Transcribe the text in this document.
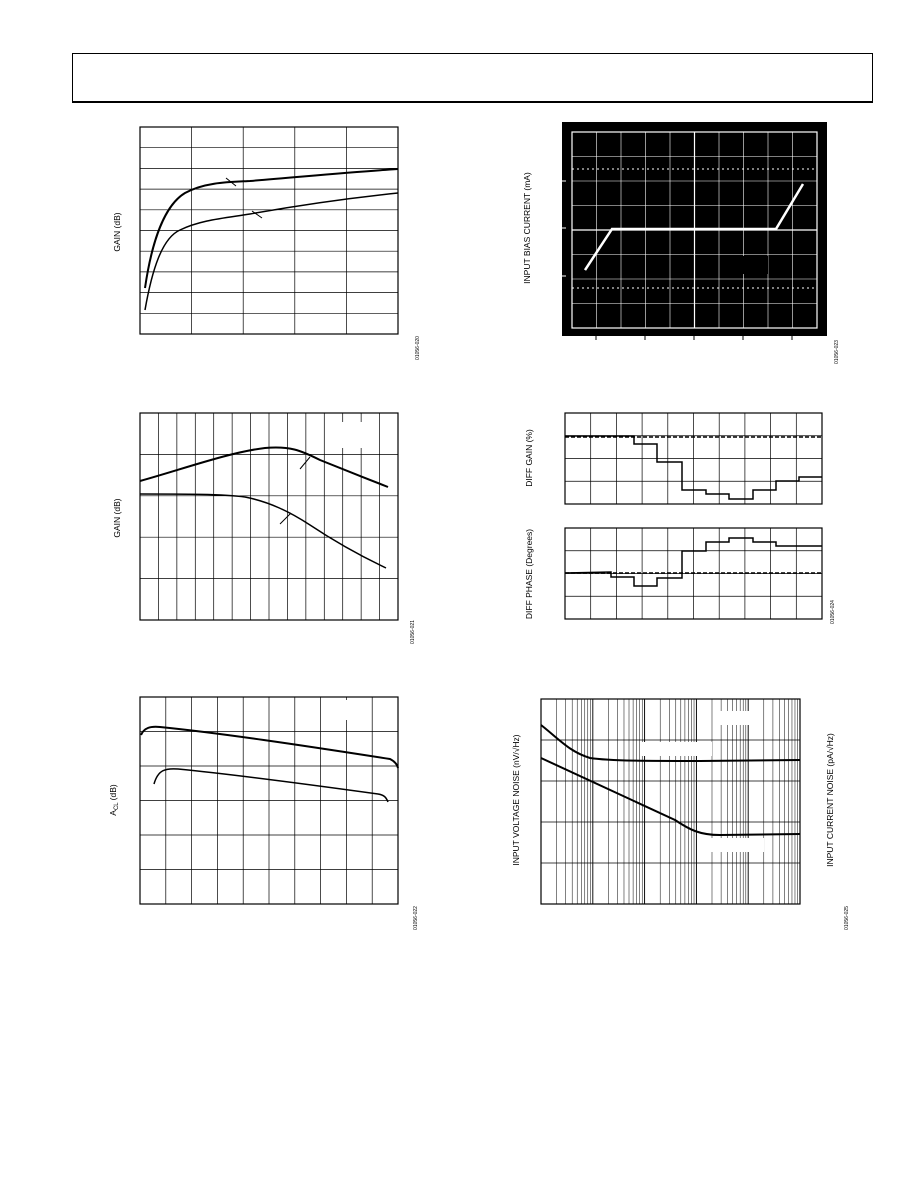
GAIN (dB)
01056-020
GAIN (dB)
01056-021
$A_{CL}(dB)$
01056-022
INPUT BIAS CURRENT (mA)
01056-023
DIFF GAIN (%)
DIFF PHASE (Degrees)	01056-024
INPUT VOLTAGE NOISE (nV/√Hz)	INPUT CURRENT NOISE (pA/√Hz)
01056-025
